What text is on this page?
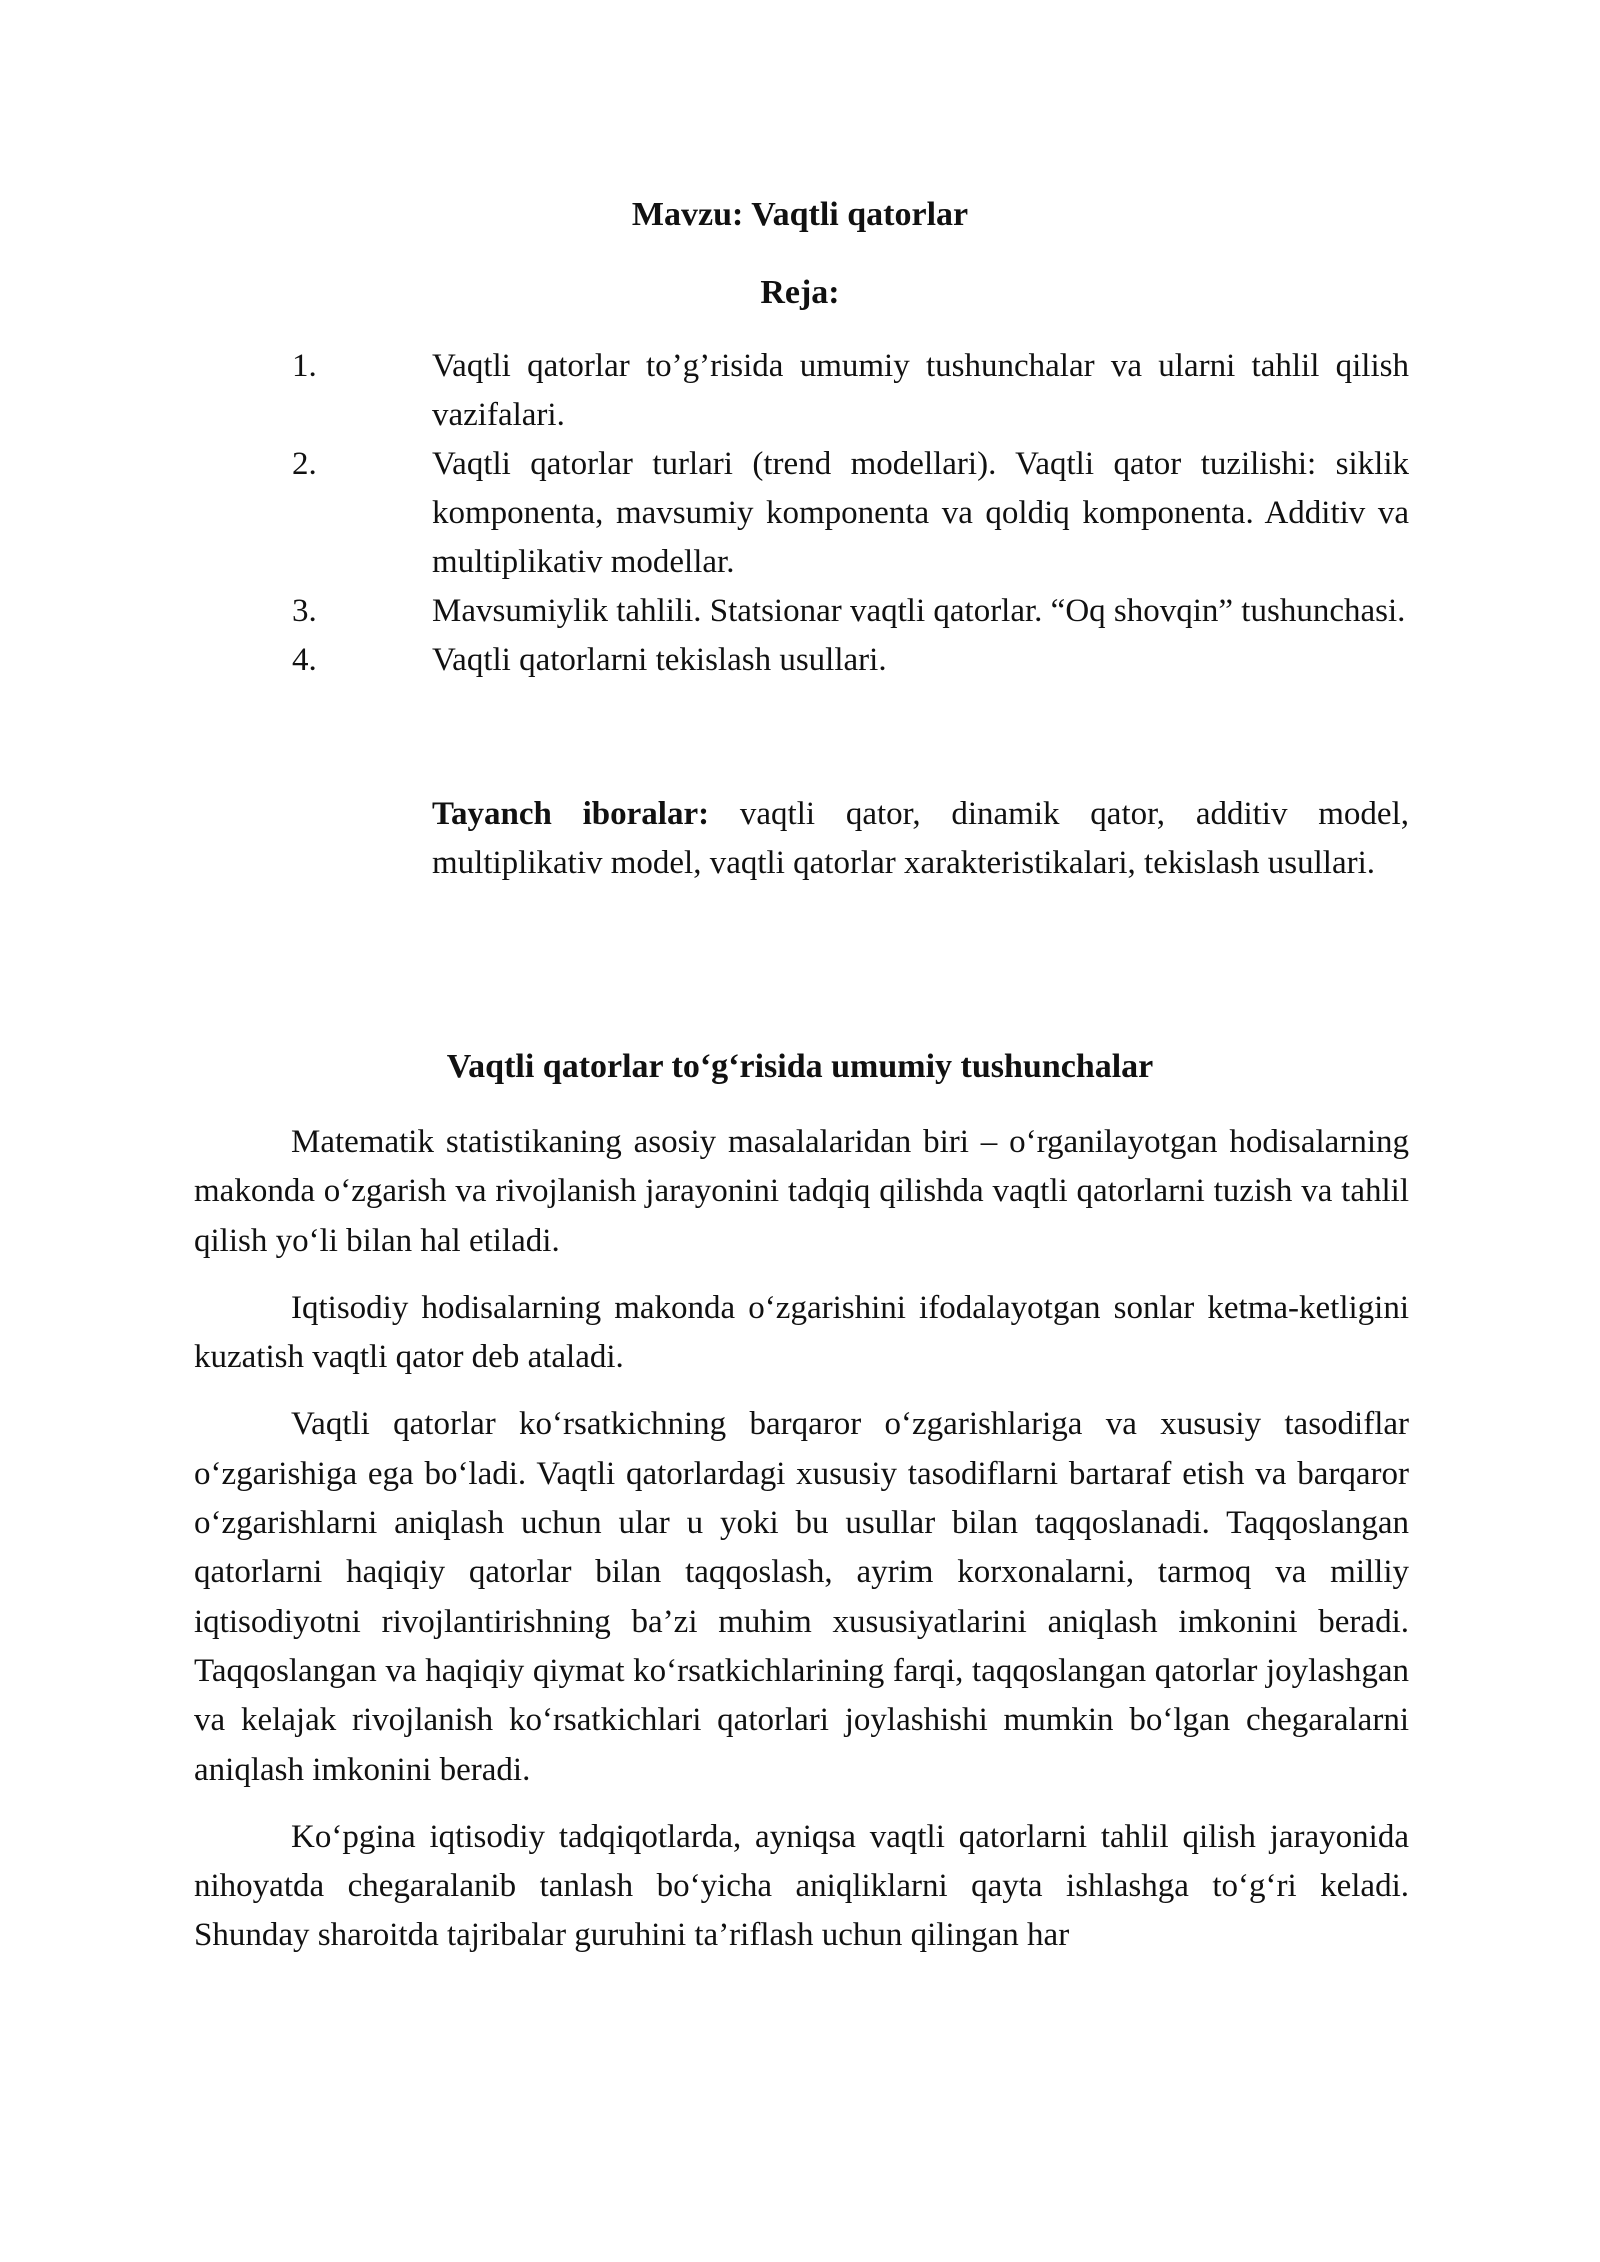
Mavzu: Vaqtli qatorlar
Reja:
1.	Vaqtli qatorlar to’g’risida umumiy tushunchalar va ularni tahlil qilish vazifalari.
2.	Vaqtli qatorlar turlari (trend modellari). Vaqtli qator tuzilishi: siklik komponenta, mavsumiy komponenta va qoldiq komponenta. Additiv va multiplikativ modellar.
3.	Mavsumiylik tahlili. Statsionar vaqtli qatorlar. “Oq shovqin” tushunchasi.
4.	Vaqtli qatorlarni tekislash usullari.

Tayanch iboralar: vaqtli qator, dinamik qator, additiv model, multiplikativ model, vaqtli qatorlar xarakteristikalari, tekislash usullari.

Vaqtli qatorlar to‘g‘risida umumiy tushunchalar

Matematik statistikaning asosiy masalalaridan biri – o‘rganilayotgan hodisalarning makonda o‘zgarish va rivojlanish jarayonini tadqiq qilishda vaqtli qatorlarni tuzish va tahlil qilish yo‘li bilan hal etiladi.

Iqtisodiy hodisalarning makonda o‘zgarishini ifodalayotgan sonlar ketma-ketligini kuzatish vaqtli qator deb ataladi.

Vaqtli qatorlar ko‘rsatkichning barqaror o‘zgarishlariga va xususiy tasodiflar o‘zgarishiga ega bo‘ladi. Vaqtli qatorlardagi xususiy tasodiflarni bartaraf etish va barqaror o‘zgarishlarni aniqlash uchun ular u yoki bu usullar bilan taqqoslanadi. Taqqoslangan qatorlarni haqiqiy qatorlar bilan taqqoslash, ayrim korxonalarni, tarmoq va milliy iqtisodiyotni rivojlantirishning ba’zi muhim xususiyatlarini aniqlash imkonini beradi. Taqqoslangan va haqiqiy qiymat ko‘rsatkichlarining farqi, taqqoslangan qatorlar joylashgan va kelajak rivojlanish ko‘rsatkichlari qatorlari joylashishi mumkin bo‘lgan chegaralarni aniqlash imkonini beradi.

Ko‘pgina iqtisodiy tadqiqotlarda, ayniqsa vaqtli qatorlarni tahlil qilish jarayonida nihoyatda chegaralanib tanlash bo‘yicha aniqliklarni qayta ishlashga to‘g‘ri keladi. Shunday sharoitda tajribalar guruhini ta’riflash uchun qilingan har
